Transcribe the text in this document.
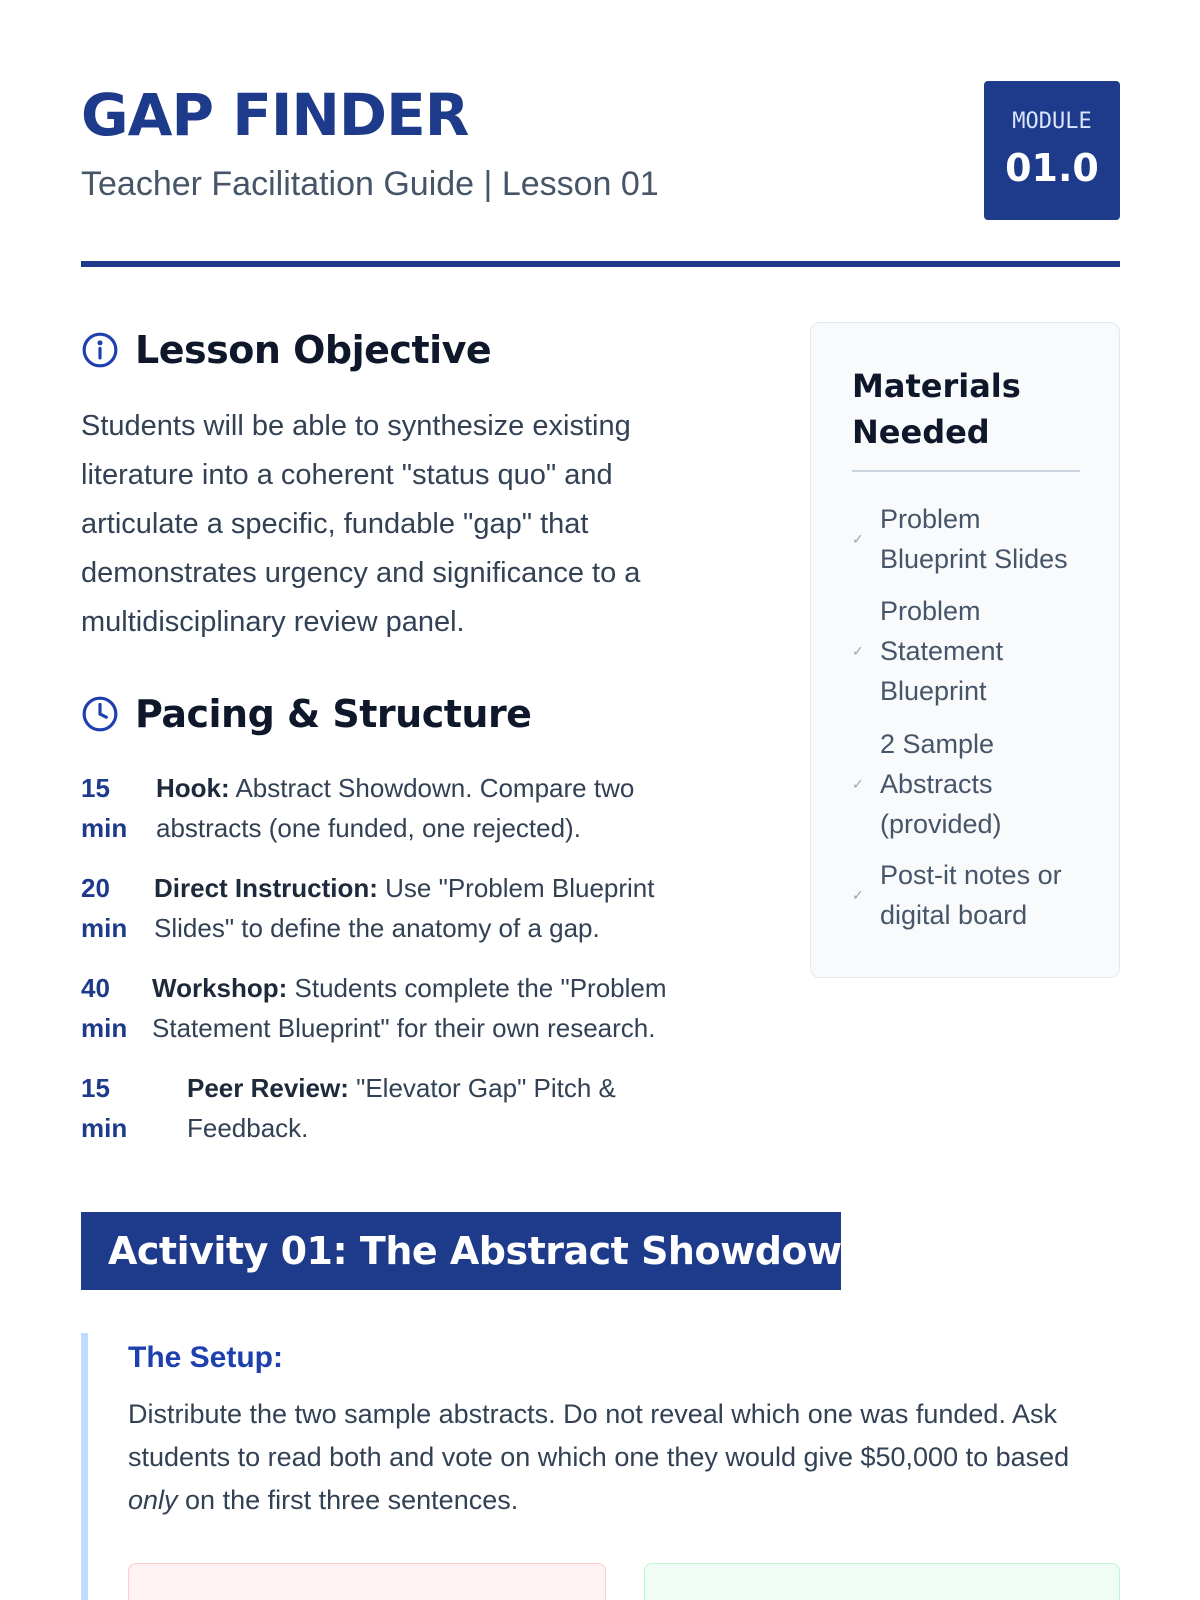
GAP FINDER
Teacher Facilitation Guide | Lesson 01
MODULE
01.0
Lesson Objective

Students will be able to synthesize existing literature into a coherent "status quo" and articulate a specific, fundable "gap" that demonstrates urgency and significance to a multidisciplinary review panel.

Pacing & Structure
15
min
Hook: Abstract Showdown. Compare two abstracts (one funded, one rejected).
20
min
Direct Instruction: Use "Problem Blueprint Slides" to define the anatomy of a gap.
40
min
Workshop: Students complete the "Problem Statement Blueprint" for their own research.
15
min
Peer Review: "Elevator Gap" Pitch & Feedback.
Materials Needed
✓
Problem Blueprint Slides
✓
Problem Statement Blueprint
✓
2 Sample Abstracts (provided)
✓
Post-it notes or digital board
Activity 01: The Abstract Showdown
The Setup:

Distribute the two sample abstracts. Do not reveal which one was funded. Ask students to read both and vote on which one they would give $50,000 to based only on the first three sentences.
